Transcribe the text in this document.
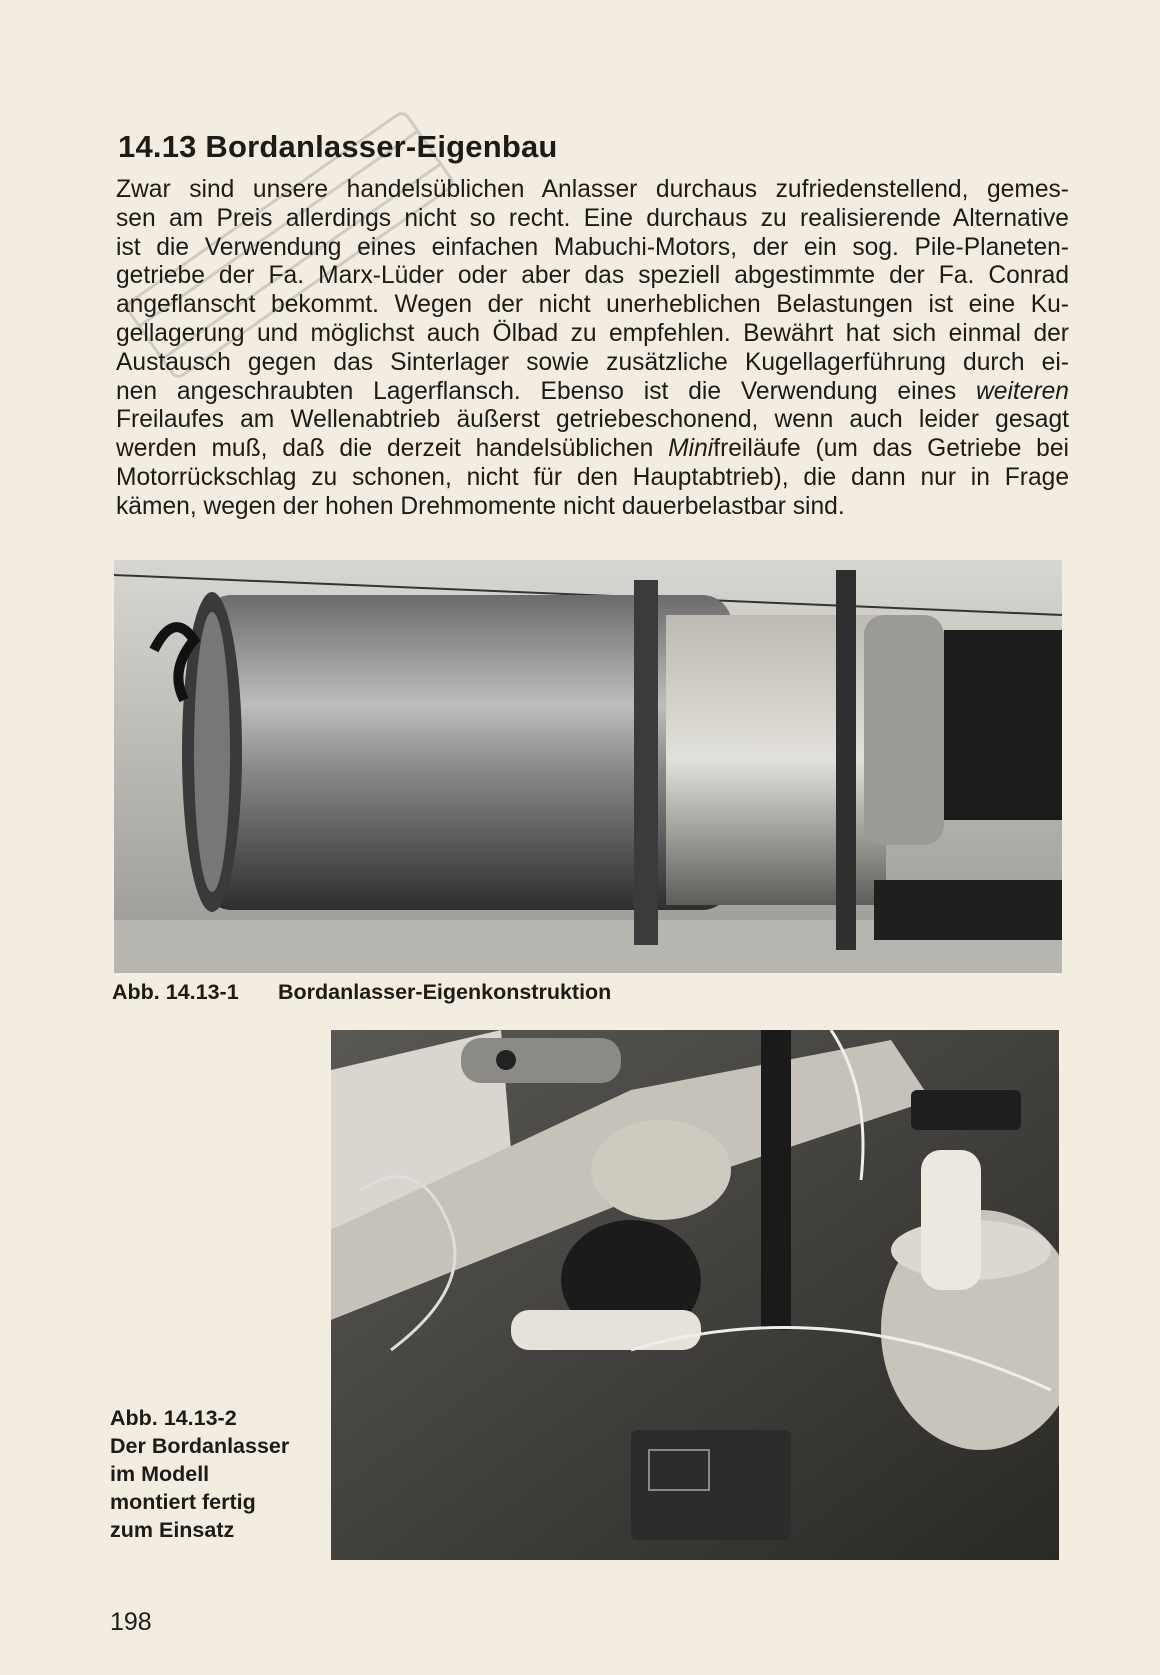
14.13 Bordanlasser-Eigenbau
Zwar sind unsere handelsüblichen Anlasser durchaus zufriedenstellend, gemes-
sen am Preis allerdings nicht so recht. Eine durchaus zu realisierende Alternative
ist die Verwendung eines einfachen Mabuchi-Motors, der ein sog. Pile-Planeten-
getriebe der Fa. Marx-Lüder oder aber das speziell abgestimmte der Fa. Conrad
angeflanscht bekommt. Wegen der nicht unerheblichen Belastungen ist eine Ku-
gellagerung und möglichst auch Ölbad zu empfehlen. Bewährt hat sich einmal der
Austausch gegen das Sinterlager sowie zusätzliche Kugellagerführung durch ei-
nen angeschraubten Lagerflansch. Ebenso ist die Verwendung eines weiteren
Freilaufes am Wellenabtrieb äußerst getriebeschonend, wenn auch leider gesagt
werden muß, daß die derzeit handelsüblichen Minifreiläufe (um das Getriebe bei
Motorrückschlag zu schonen, nicht für den Hauptabtrieb), die dann nur in Frage
kämen, wegen der hohen Drehmomente nicht dauerbelastbar sind.
Abb. 14.13-1 Bordanlasser-Eigenkonstruktion
Abb. 14.13-2
Der Bordanlasser
im Modell
montiert fertig
zum Einsatz

198
